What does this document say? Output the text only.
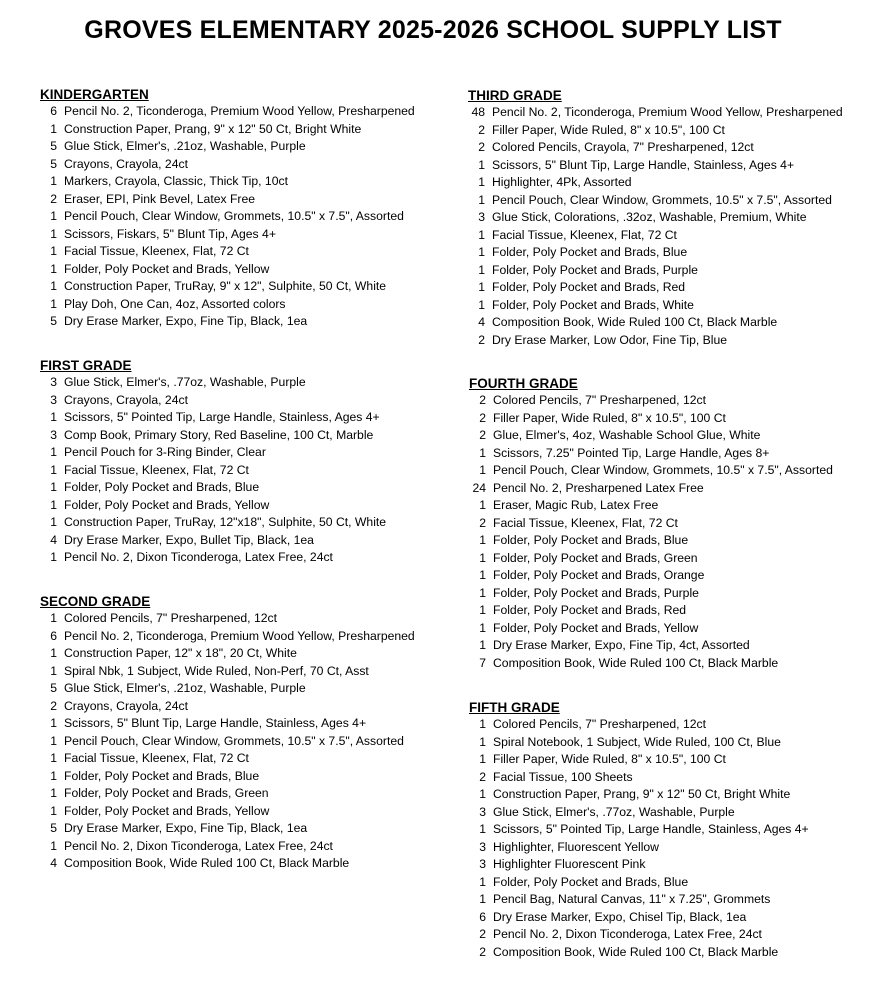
GROVES ELEMENTARY 2025-2026 SCHOOL SUPPLY LIST
KINDERGARTEN
6 Pencil No. 2, Ticonderoga, Premium Wood Yellow, Presharpened
1 Construction Paper, Prang, 9" x 12" 50 Ct, Bright White
5 Glue Stick, Elmer's, .21oz, Washable, Purple
5 Crayons, Crayola, 24ct
1 Markers, Crayola, Classic, Thick Tip, 10ct
2 Eraser, EPI, Pink Bevel, Latex Free
1 Pencil Pouch, Clear Window, Grommets, 10.5" x 7.5", Assorted
1 Scissors, Fiskars, 5" Blunt Tip, Ages 4+
1 Facial Tissue, Kleenex, Flat, 72 Ct
1 Folder, Poly Pocket and Brads, Yellow
1 Construction Paper, TruRay, 9" x 12", Sulphite, 50 Ct, White
1 Play Doh, One Can, 4oz, Assorted colors
5 Dry Erase Marker, Expo, Fine Tip, Black, 1ea
FIRST GRADE
3 Glue Stick, Elmer's, .77oz, Washable, Purple
3 Crayons, Crayola, 24ct
1 Scissors, 5" Pointed Tip, Large Handle, Stainless, Ages 4+
3 Comp Book, Primary Story, Red Baseline, 100 Ct, Marble
1 Pencil Pouch for 3-Ring Binder, Clear
1 Facial Tissue, Kleenex, Flat, 72 Ct
1 Folder, Poly Pocket and Brads, Blue
1 Folder, Poly Pocket and Brads, Yellow
1 Construction Paper, TruRay, 12"x18", Sulphite, 50 Ct, White
4 Dry Erase Marker, Expo, Bullet Tip, Black, 1ea
1 Pencil No. 2, Dixon Ticonderoga, Latex Free, 24ct
SECOND GRADE
1 Colored Pencils, 7" Presharpened, 12ct
6 Pencil No. 2, Ticonderoga, Premium Wood Yellow, Presharpened
1 Construction Paper, 12" x 18", 20 Ct, White
1 Spiral Nbk, 1 Subject, Wide Ruled, Non-Perf, 70 Ct, Asst
5 Glue Stick, Elmer's, .21oz, Washable, Purple
2 Crayons, Crayola, 24ct
1 Scissors, 5" Blunt Tip, Large Handle, Stainless, Ages 4+
1 Pencil Pouch, Clear Window, Grommets, 10.5" x 7.5", Assorted
1 Facial Tissue, Kleenex, Flat, 72 Ct
1 Folder, Poly Pocket and Brads, Blue
1 Folder, Poly Pocket and Brads, Green
1 Folder, Poly Pocket and Brads, Yellow
5 Dry Erase Marker, Expo, Fine Tip, Black, 1ea
1 Pencil No. 2, Dixon Ticonderoga, Latex Free, 24ct
4 Composition Book, Wide Ruled 100 Ct, Black Marble
THIRD GRADE
48 Pencil No. 2, Ticonderoga, Premium Wood Yellow, Presharpened
2 Filler Paper, Wide Ruled, 8" x 10.5", 100 Ct
2 Colored Pencils, Crayola, 7" Presharpened, 12ct
1 Scissors, 5" Blunt Tip, Large Handle, Stainless, Ages 4+
1 Highlighter, 4Pk, Assorted
1 Pencil Pouch, Clear Window, Grommets, 10.5" x 7.5", Assorted
3 Glue Stick, Colorations, .32oz, Washable, Premium, White
1 Facial Tissue, Kleenex, Flat, 72 Ct
1 Folder, Poly Pocket and Brads, Blue
1 Folder, Poly Pocket and Brads, Purple
1 Folder, Poly Pocket and Brads, Red
1 Folder, Poly Pocket and Brads, White
4 Composition Book, Wide Ruled 100 Ct, Black Marble
2 Dry Erase Marker, Low Odor, Fine Tip, Blue
FOURTH GRADE
2 Colored Pencils, 7" Presharpened, 12ct
2 Filler Paper, Wide Ruled, 8" x 10.5", 100 Ct
2 Glue, Elmer's, 4oz, Washable School Glue, White
1 Scissors, 7.25" Pointed Tip, Large Handle, Ages 8+
1 Pencil Pouch, Clear Window, Grommets, 10.5" x 7.5", Assorted
24 Pencil No. 2, Presharpened Latex Free
1 Eraser, Magic Rub, Latex Free
2 Facial Tissue, Kleenex, Flat, 72 Ct
1 Folder, Poly Pocket and Brads, Blue
1 Folder, Poly Pocket and Brads, Green
1 Folder, Poly Pocket and Brads, Orange
1 Folder, Poly Pocket and Brads, Purple
1 Folder, Poly Pocket and Brads, Red
1 Folder, Poly Pocket and Brads, Yellow
1 Dry Erase Marker, Expo, Fine Tip, 4ct, Assorted
7 Composition Book, Wide Ruled 100 Ct, Black Marble
FIFTH GRADE
1 Colored Pencils, 7" Presharpened, 12ct
1 Spiral Notebook, 1 Subject, Wide Ruled, 100 Ct, Blue
1 Filler Paper, Wide Ruled, 8" x 10.5", 100 Ct
2 Facial Tissue, 100 Sheets
1 Construction Paper, Prang, 9" x 12" 50 Ct, Bright White
3 Glue Stick, Elmer's, .77oz, Washable, Purple
1 Scissors, 5" Pointed Tip, Large Handle, Stainless, Ages 4+
3 Highlighter, Fluorescent Yellow
3 Highlighter Fluorescent Pink
1 Folder, Poly Pocket and Brads, Blue
1 Pencil Bag, Natural Canvas, 11" x 7.25", Grommets
6 Dry Erase Marker, Expo, Chisel Tip, Black, 1ea
2 Pencil No. 2, Dixon Ticonderoga, Latex Free, 24ct
2 Composition Book, Wide Ruled 100 Ct, Black Marble
